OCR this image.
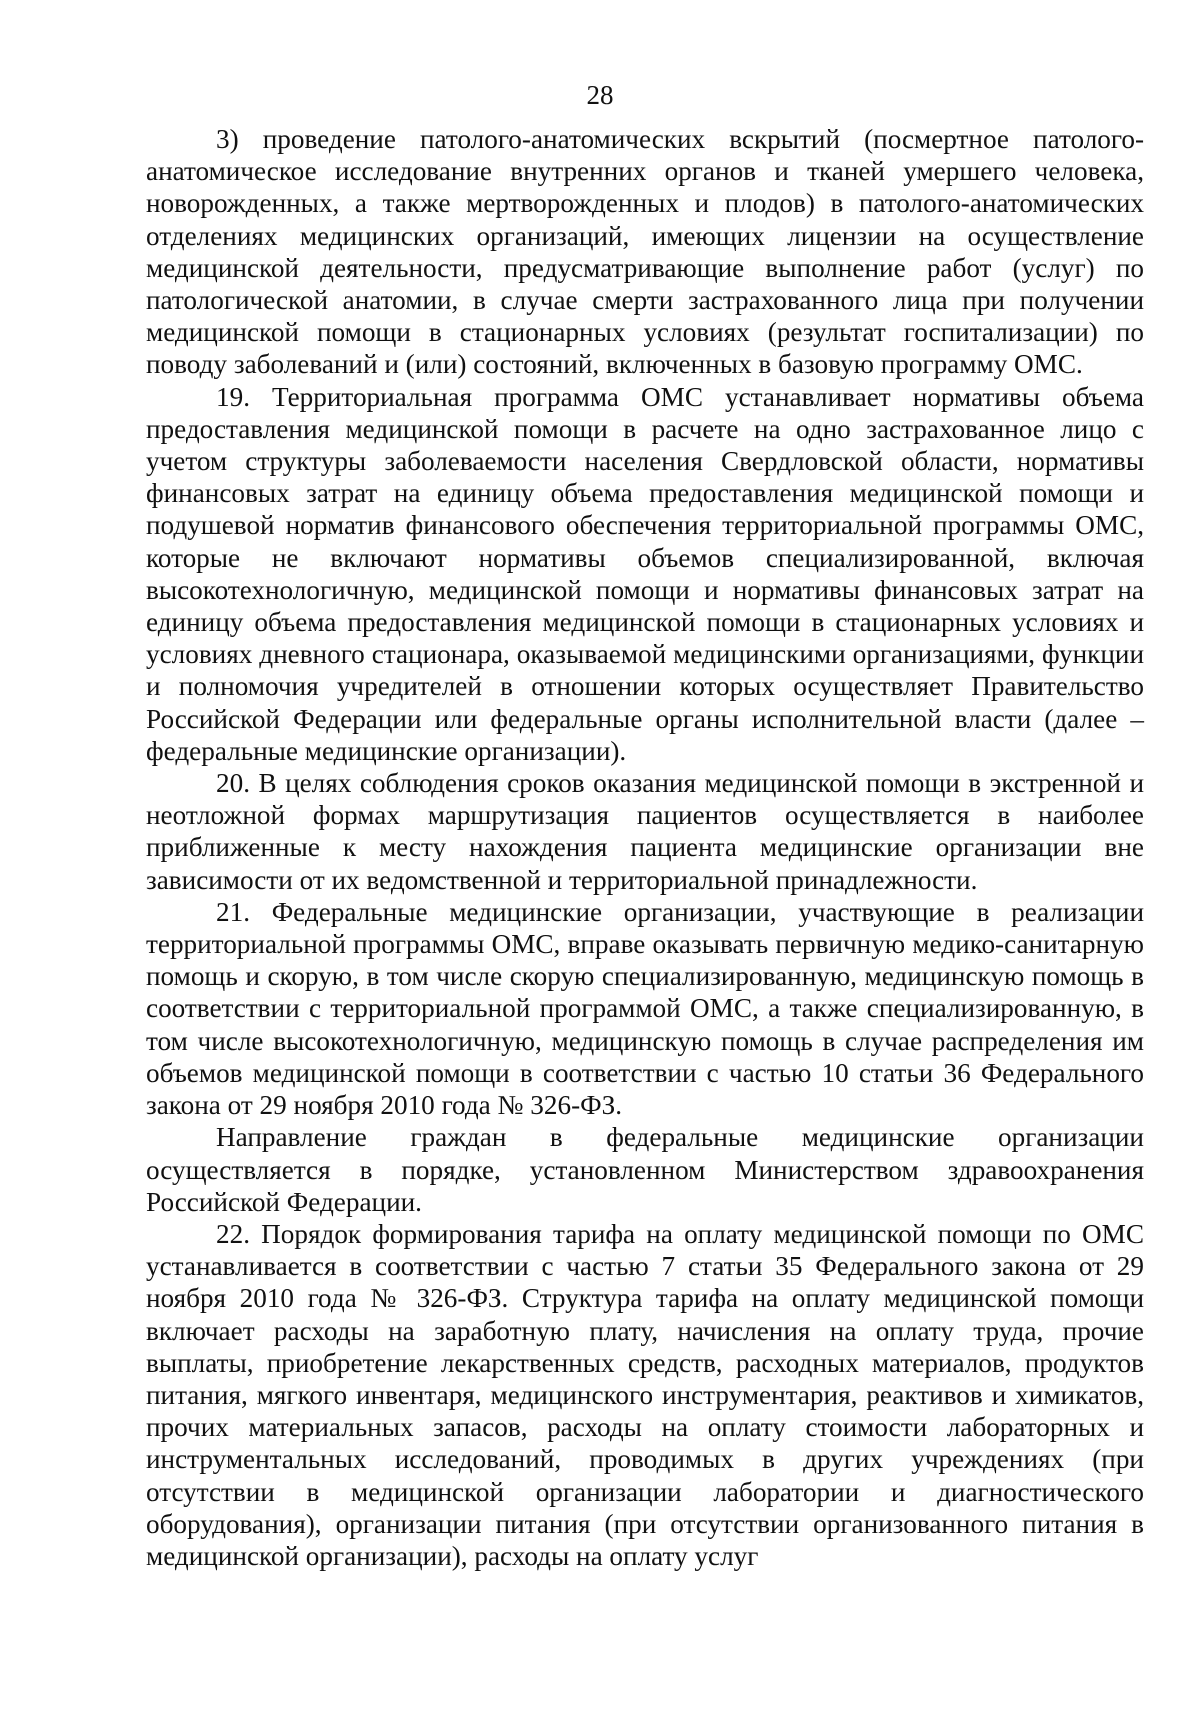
28

3) проведение патолого-анатомических вскрытий (посмертное патолого-анатомическое исследование внутренних органов и тканей умершего человека, новорожденных, а также мертворожденных и плодов) в патолого-анатомических отделениях медицинских организаций, имеющих лицензии на осуществление медицинской деятельности, предусматривающие выполнение работ (услуг) по патологической анатомии, в случае смерти застрахованного лица при получении медицинской помощи в стационарных условиях (результат госпитализации) по поводу заболеваний и (или) состояний, включенных в базовую программу ОМС.

19. Территориальная программа ОМС устанавливает нормативы объема предоставления медицинской помощи в расчете на одно застрахованное лицо с учетом структуры заболеваемости населения Свердловской области, нормативы финансовых затрат на единицу объема предоставления медицинской помощи и подушевой норматив финансового обеспечения территориальной программы ОМС, которые не включают нормативы объемов специализированной, включая высокотехнологичную, медицинской помощи и нормативы финансовых затрат на единицу объема предоставления медицинской помощи в стационарных условиях и условиях дневного стационара, оказываемой медицинскими организациями, функции и полномочия учредителей в отношении которых осуществляет Правительство Российской Федерации или федеральные органы исполнительной власти (далее – федеральные медицинские организации).

20. В целях соблюдения сроков оказания медицинской помощи в экстренной и неотложной формах маршрутизация пациентов осуществляется в наиболее приближенные к месту нахождения пациента медицинские организации вне зависимости от их ведомственной и территориальной принадлежности.

21. Федеральные медицинские организации, участвующие в реализации территориальной программы ОМС, вправе оказывать первичную медико-санитарную помощь и скорую, в том числе скорую специализированную, медицинскую помощь в соответствии с территориальной программой ОМС, а также специализированную, в том числе высокотехнологичную, медицинскую помощь в случае распределения им объемов медицинской помощи в соответствии с частью 10 статьи 36 Федерального закона от 29 ноября 2010 года № 326-ФЗ.

Направление граждан в федеральные медицинские организации осуществляется в порядке, установленном Министерством здравоохранения Российской Федерации.

22. Порядок формирования тарифа на оплату медицинской помощи по ОМС устанавливается в соответствии с частью 7 статьи 35 Федерального закона от 29 ноября 2010 года № 326-ФЗ. Структура тарифа на оплату медицинской помощи включает расходы на заработную плату, начисления на оплату труда, прочие выплаты, приобретение лекарственных средств, расходных материалов, продуктов питания, мягкого инвентаря, медицинского инструментария, реактивов и химикатов, прочих материальных запасов, расходы на оплату стоимости лабораторных и инструментальных исследований, проводимых в других учреждениях (при отсутствии в медицинской организации лаборатории и диагностического оборудования), организации питания (при отсутствии организованного питания в медицинской организации), расходы на оплату услуг
